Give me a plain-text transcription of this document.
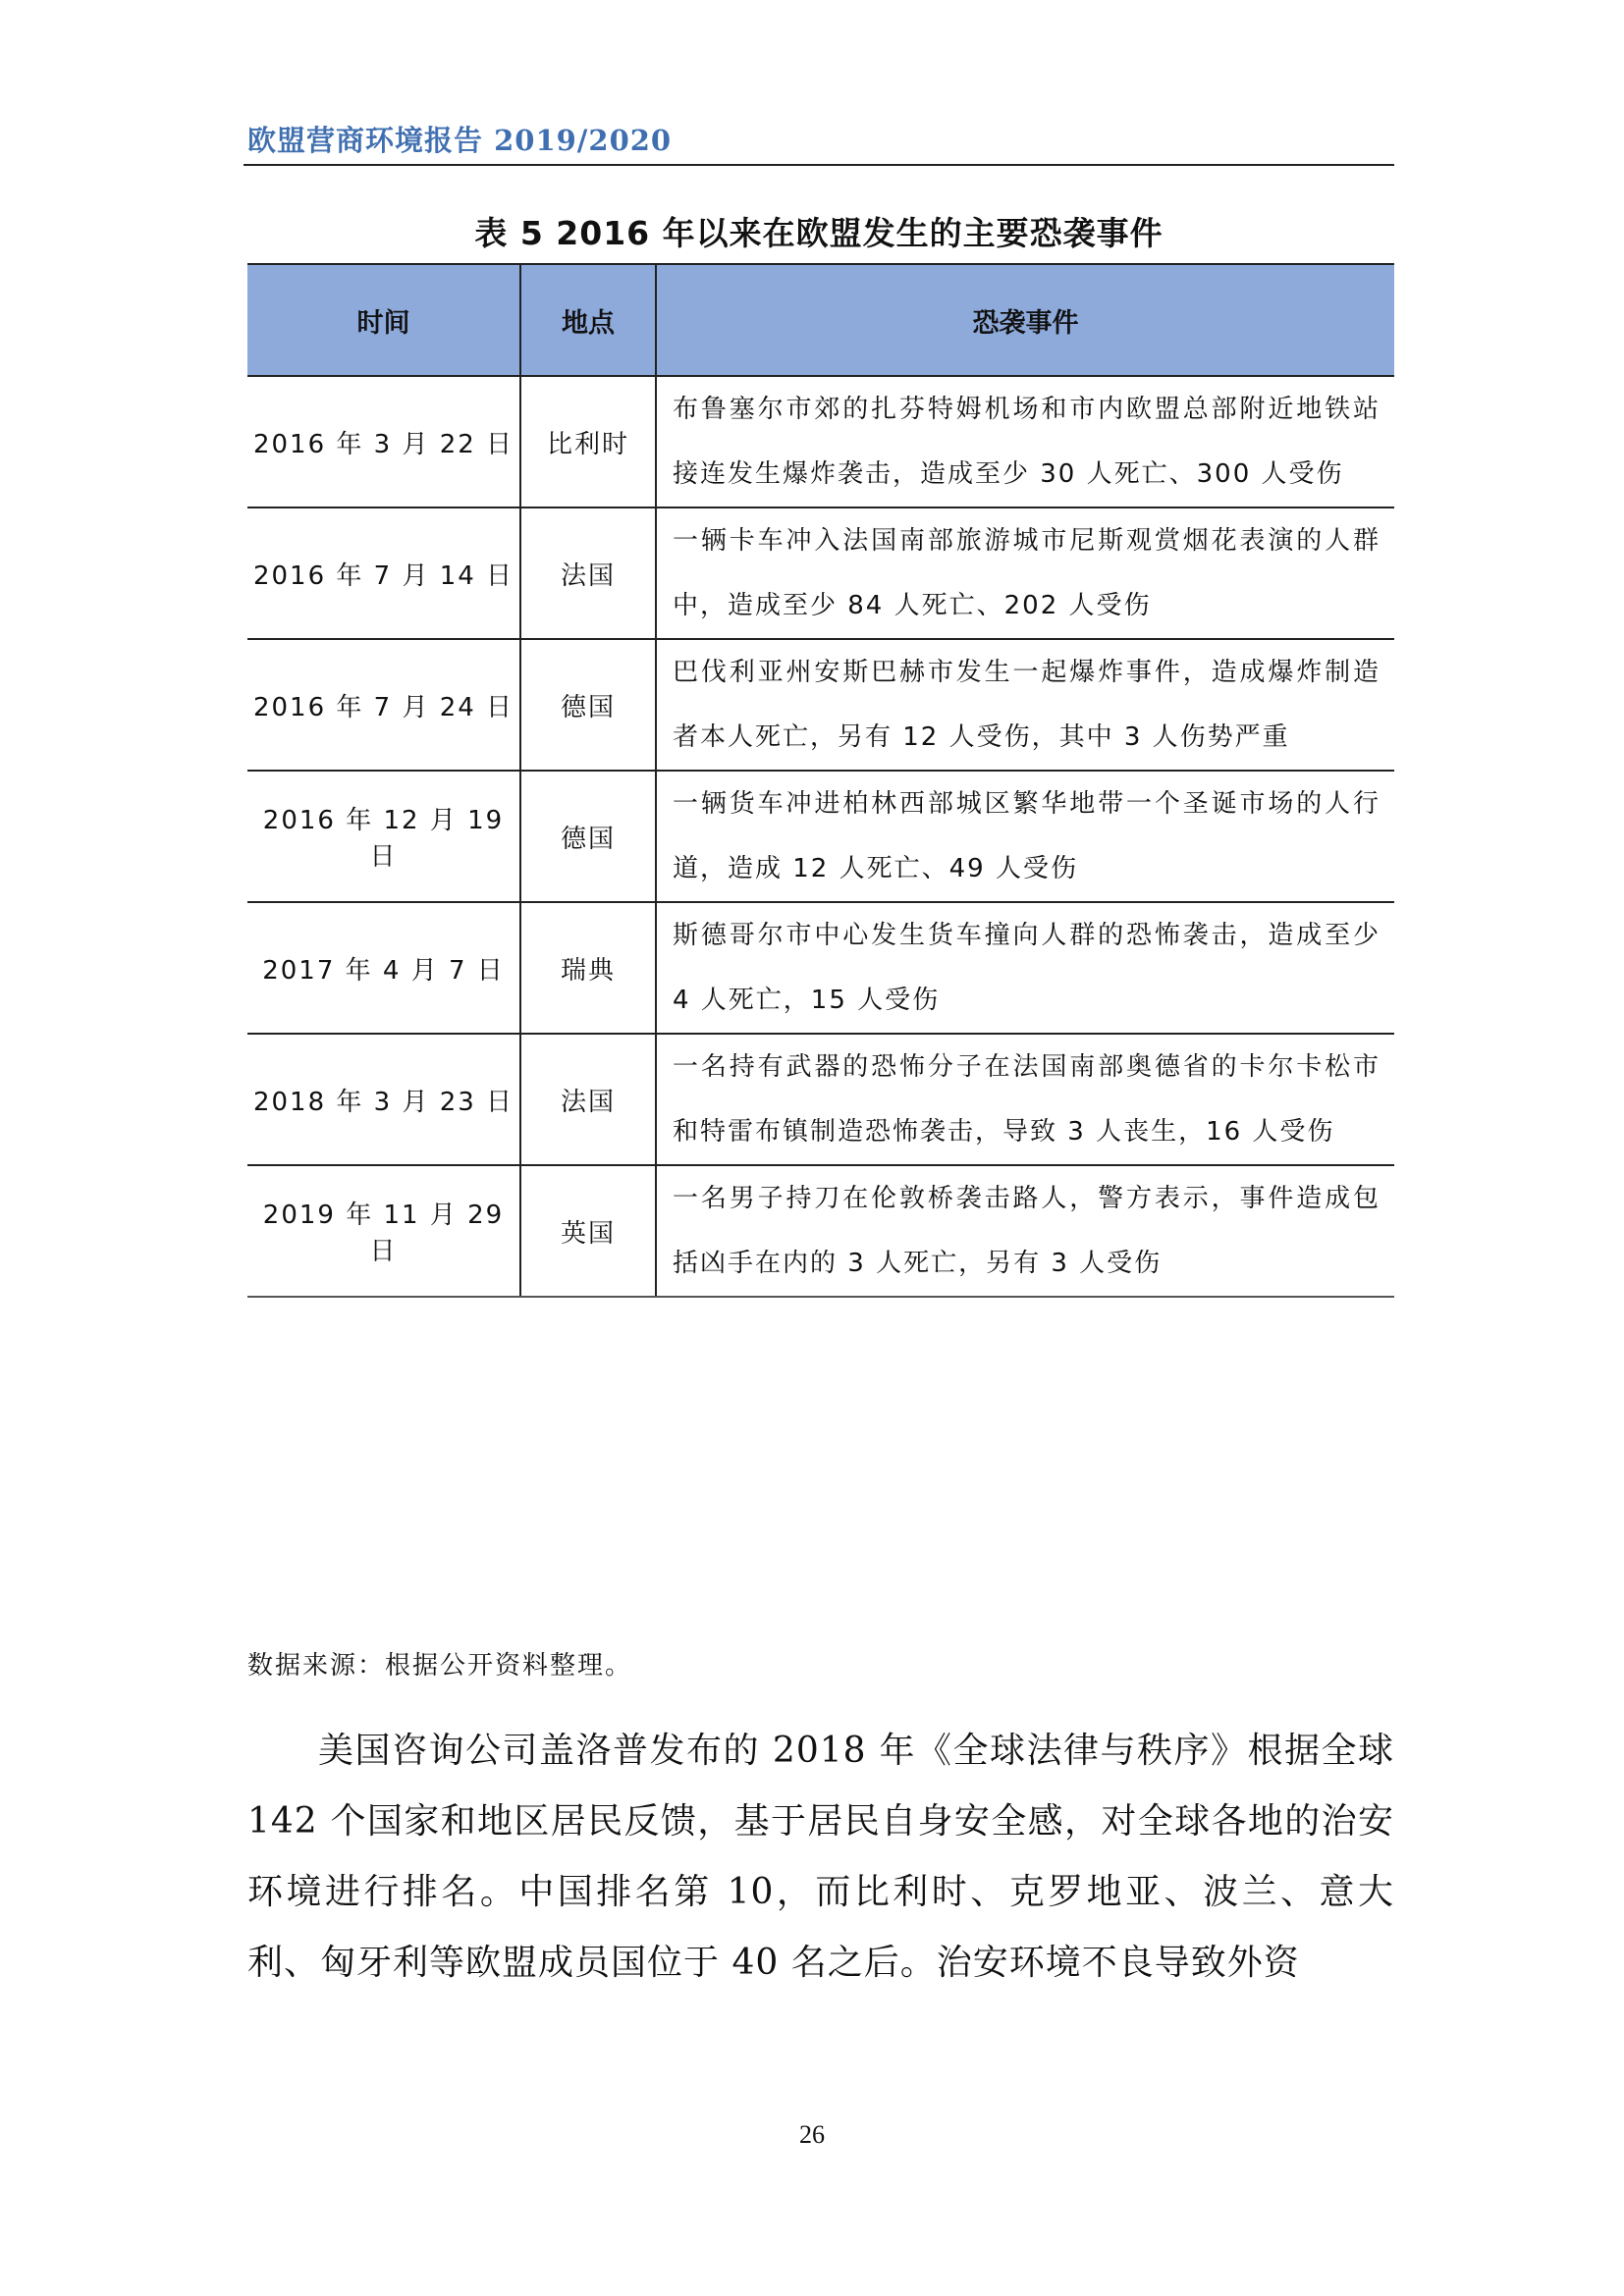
欧盟营商环境报告 2019/2020
表 5 2016 年以来在欧盟发生的主要恐袭事件
时间	地点	恐袭事件
2016 年 3 月 22 日	比利时	布鲁塞尔市郊的扎芬特姆机场和市内欧盟总部附近地铁站接连发生爆炸袭击，造成至少 30 人死亡、300 人受伤
2016 年 7 月 14 日	法国	一辆卡车冲入法国南部旅游城市尼斯观赏烟花表演的人群中，造成至少 84 人死亡、202 人受伤
2016 年 7 月 24 日	德国	巴伐利亚州安斯巴赫市发生一起爆炸事件，造成爆炸制造者本人死亡，另有 12 人受伤，其中 3 人伤势严重
2016 年 12 月 19 日	德国	一辆货车冲进柏林西部城区繁华地带一个圣诞市场的人行道，造成 12 人死亡、49 人受伤
2017 年 4 月 7 日	瑞典	斯德哥尔市中心发生货车撞向人群的恐怖袭击，造成至少 4 人死亡，15 人受伤
2018 年 3 月 23 日	法国	一名持有武器的恐怖分子在法国南部奥德省的卡尔卡松市和特雷布镇制造恐怖袭击，导致 3 人丧生，16 人受伤
2019 年 11 月 29 日	英国	一名男子持刀在伦敦桥袭击路人，警方表示，事件造成包括凶手在内的 3 人死亡，另有 3 人受伤
数据来源：根据公开资料整理。

美国咨询公司盖洛普发布的 2018 年《全球法律与秩序》根据全球 142 个国家和地区居民反馈，基于居民自身安全感，对全球各地的治安环境进行排名。中国排名第 10，而比利时、克罗地亚、波兰、意大利、匈牙利等欧盟成员国位于 40 名之后。治安环境不良导致外资

26
